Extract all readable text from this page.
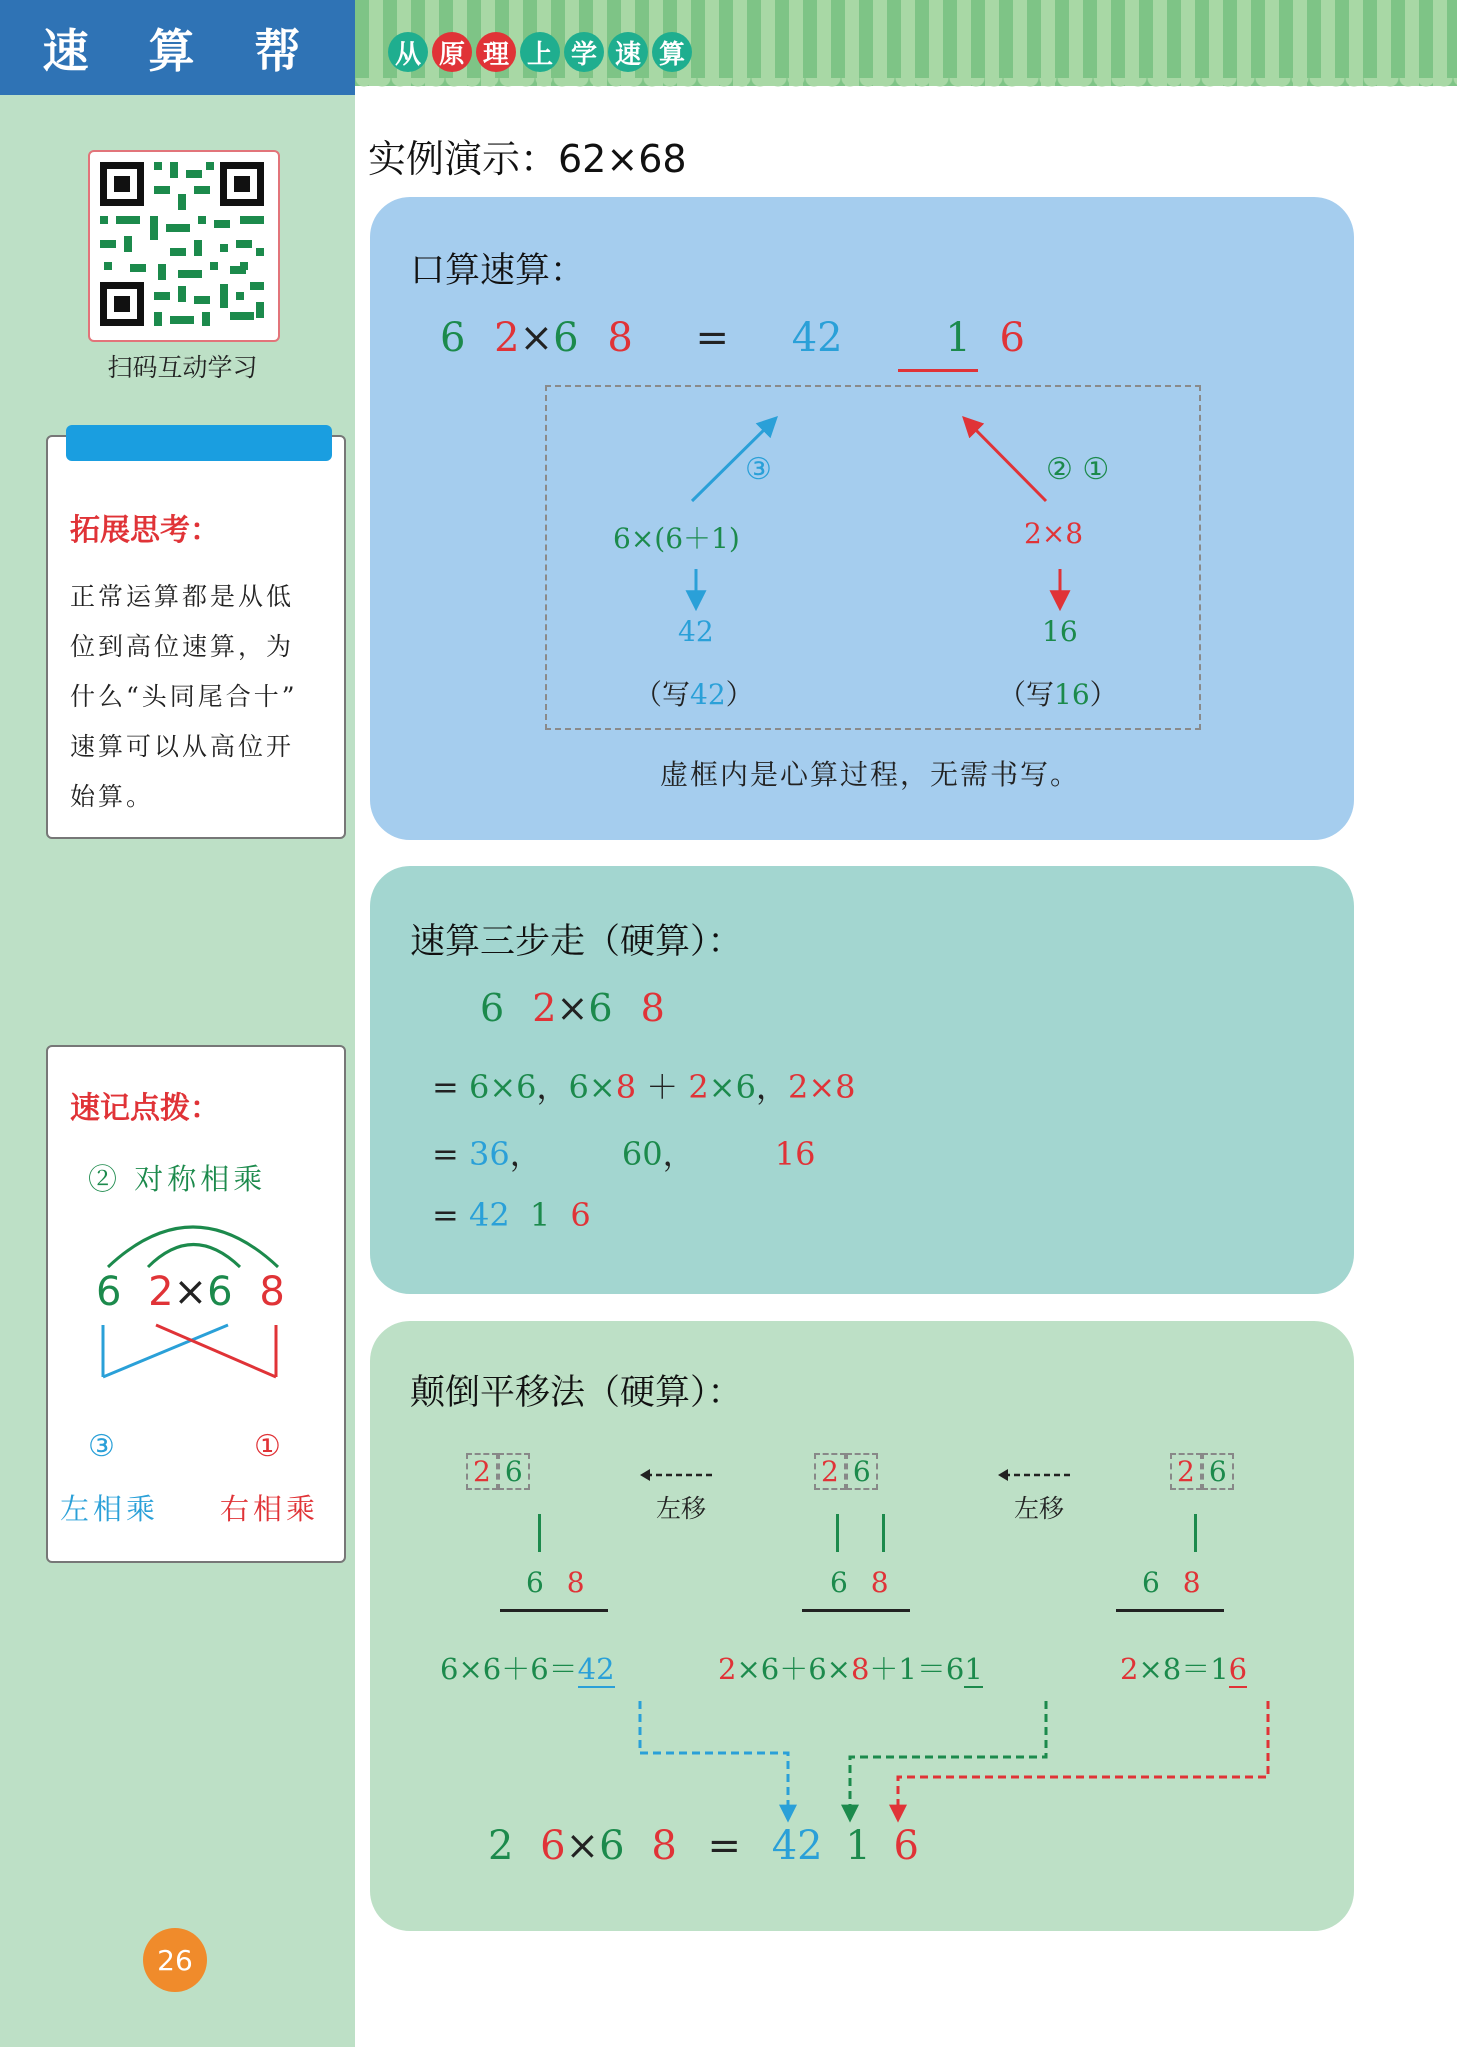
速 算 帮	从 原 理 上 学 速 算
扫码互动学习
拓展思考：
正常运算都是从低
位到高位速算，为
什么“头同尾合十”
速算可以从高位开
始算。
速记点拨：
② 对称相乘
6 2×6 8
③	①
左相乘 右相乘
26
实例演示：62×68
口算速算：
6 2×6 8 = 42	1 6
③	② ①
6×(6＋1)	2×8
42	16
（写42）	（写16）
虚框内是心算过程，无需书写。
速算三步走（硬算）：
6 2×6 8
= 6×6，6×8 ＋ 2×6，2×8
= 36，	60，	16
= 42 1 6
颠倒平移法（硬算）：
2 6
6 8
左移
2 6
6 8
左移
2 6
6 8
6×6＋6＝42	2×6＋6×8＋1＝61	2×8＝16
2 6×6 8 = 42 1 6
